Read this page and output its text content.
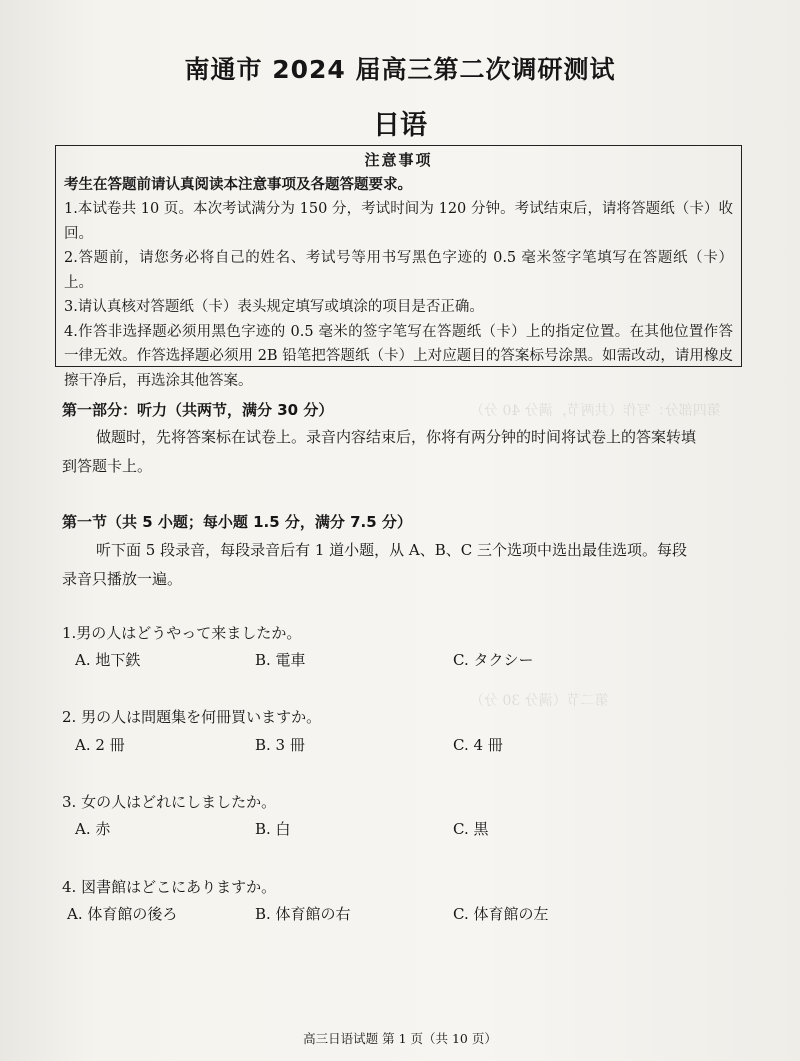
第四部分：写作（共两节，满分 40 分）
第二节（满分 30 分）
南通市 2024 届高三第二次调研测试
日语
注意事项
考生在答题前请认真阅读本注意事项及各题答题要求。
1.本试卷共 10 页。本次考试满分为 150 分，考试时间为 120 分钟。考试结束后，请将答题纸（卡）收回。
2.答题前，请您务必将自己的姓名、考试号等用书写黑色字迹的 0.5 毫米签字笔填写在答题纸（卡）上。
3.请认真核对答题纸（卡）表头规定填写或填涂的项目是否正确。
4.作答非选择题必须用黑色字迹的 0.5 毫米的签字笔写在答题纸（卡）上的指定位置。在其他位置作答一律无效。作答选择题必须用 2B 铅笔把答题纸（卡）上对应题目的答案标号涂黑。如需改动，请用橡皮擦干净后，再选涂其他答案。
第一部分：听力（共两节，满分 30 分）
做题时，先将答案标在试卷上。录音内容结束后，你将有两分钟的时间将试卷上的答案转填到答题卡上。
第一节（共 5 小题；每小题 1.5 分，满分 7.5 分）
听下面 5 段录音，每段录音后有 1 道小题，从 A、B、C 三个选项中选出最佳选项。每段录音只播放一遍。
1.男の人はどうやって来ましたか。
A. 地下鉄	B. 電車	C. タクシー
2. 男の人は問題集を何冊買いますか。
A. 2 冊	B. 3 冊	C. 4 冊
3. 女の人はどれにしましたか。
A. 赤	B. 白	C. 黒
4. 図書館はどこにありますか。
A. 体育館の後ろ	B. 体育館の右	C. 体育館の左
高三日语试题 第 1 页（共 10 页）
